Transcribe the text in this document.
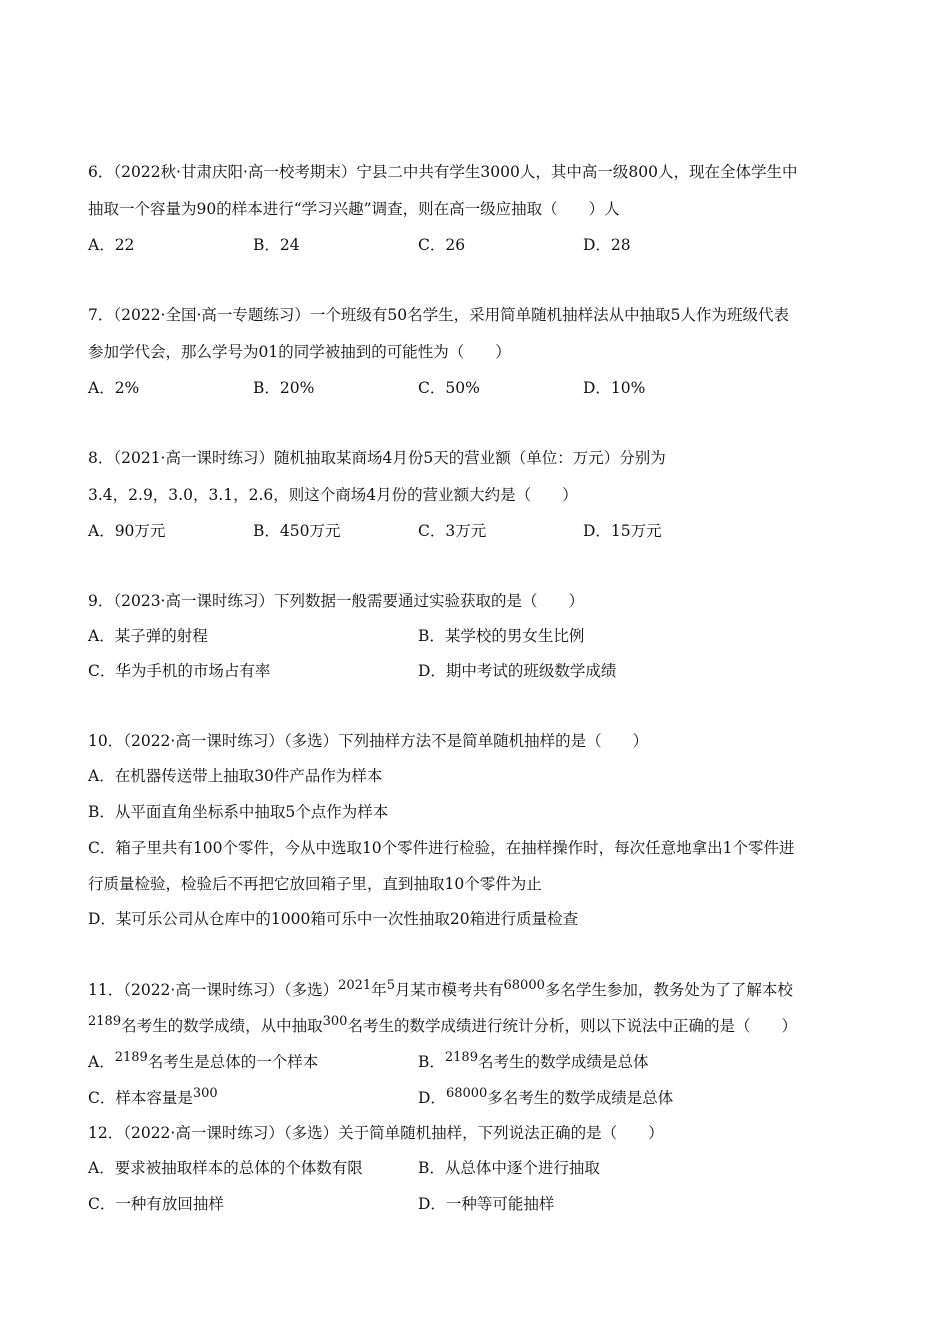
6．（2022秋·甘肃庆阳·高一校考期末）宁县二中共有学生3000人，其中高一级800人，现在全体学生中
抽取一个容量为90的样本进行“学习兴趣”调查，则在高一级应抽取（　　）人
A．22	B．24	C．26	D．28
7．（2022·全国·高一专题练习）一个班级有50名学生，采用简单随机抽样法从中抽取5人作为班级代表
参加学代会，那么学号为01的同学被抽到的可能性为（　　）
A．2%	B．20%	C．50%	D．10%
8．（2021·高一课时练习）随机抽取某商场4月份5天的营业额（单位：万元）分别为
3.4，2.9，3.0，3.1，2.6，则这个商场4月份的营业额大约是（　　）
A．90万元	B．450万元	C．3万元	D．15万元
9．（2023·高一课时练习）下列数据一般需要通过实验获取的是（　　）
A．某子弹的射程	B．某学校的男女生比例
C．华为手机的市场占有率	D．期中考试的班级数学成绩
10．（2022·高一课时练习）（多选）下列抽样方法不是简单随机抽样的是（　　）
A．在机器传送带上抽取30件产品作为样本
B．从平面直角坐标系中抽取5个点作为样本
C．箱子里共有100个零件，今从中选取10个零件进行检验，在抽样操作时，每次任意地拿出1个零件进
行质量检验，检验后不再把它放回箱子里，直到抽取10个零件为止
D．某可乐公司从仓库中的1000箱可乐中一次性抽取20箱进行质量检查
11．（2022·高一课时练习）（多选）$^{2021}$年$^5$月某市模考共有$^{68000}$多名学生参加，教务处为了了解本校
$^{2189}$名考生的数学成绩，从中抽取$^{300}$名考生的数学成绩进行统计分析，则以下说法中正确的是（　　）
A．$^{2189}$名考生是总体的一个样本	B．$^{2189}$名考生的数学成绩是总体
C．样本容量是$^{300}$	D．$^{68000}$多名考生的数学成绩是总体
12．（2022·高一课时练习）（多选）关于简单随机抽样，下列说法正确的是（　　）
A．要求被抽取样本的总体的个体数有限	B．从总体中逐个进行抽取
C．一种有放回抽样	D．一种等可能抽样
